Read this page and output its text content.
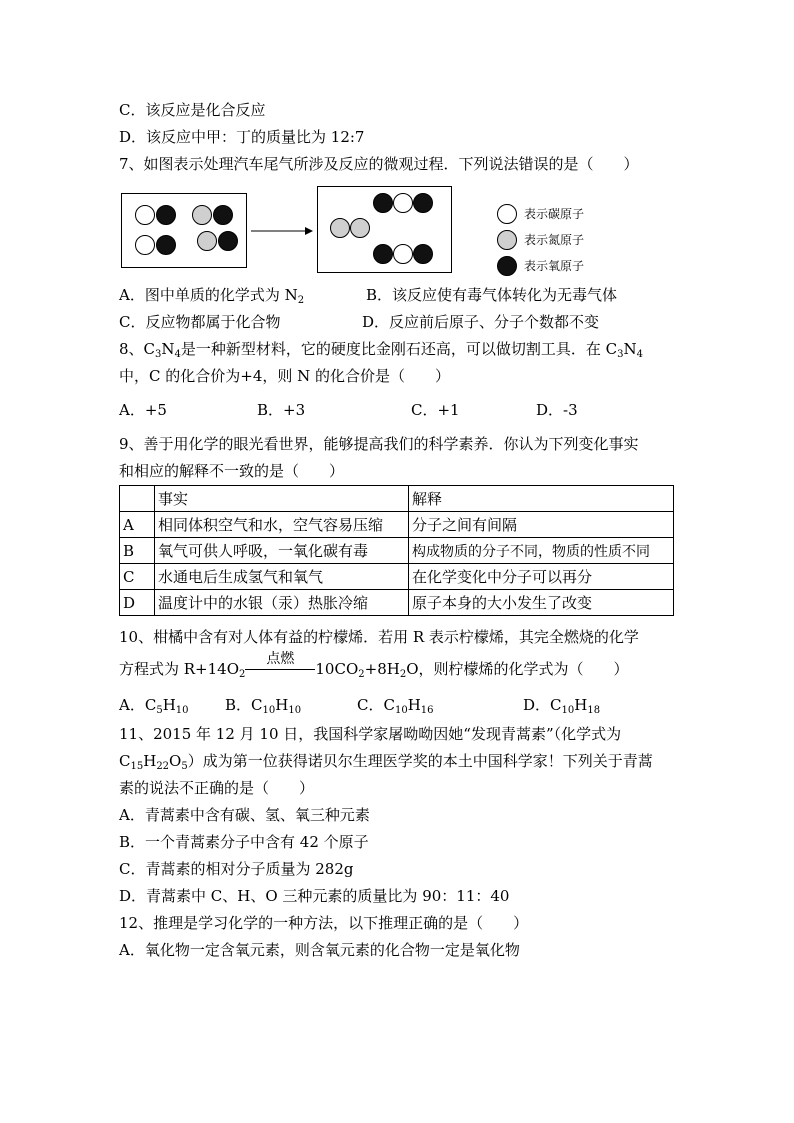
C．该反应是化合反应
D．该反应中甲：丁的质量比为 12:7
7、如图表示处理汽车尾气所涉及反应的微观过程．下列说法错误的是（　　）
表示碳原子
表示氮原子
表示氧原子
A．图中单质的化学式为 $N_2$	B．该反应使有毒气体转化为无毒气体
C．反应物都属于化合物	D．反应前后原子、分子个数都不变
8、$C_3N_4$是一种新型材料，它的硬度比金刚石还高，可以做切割工具．在 $C_3N_4$
中，C 的化合价为+4，则 N 的化合价是（　　）
A．+5	B．+3	C．+1	D．-3
9、善于用化学的眼光看世界，能够提高我们的科学素养．你认为下列变化事实
和相应的解释不一致的是（　　）
	事实	解释
A	相同体积空气和水，空气容易压缩	分子之间有间隔
B	氧气可供人呼吸，一氧化碳有毒	构成物质的分子不同，物质的性质不同
C	水通电后生成氢气和氧气	在化学变化中分子可以再分
D	温度计中的水银（汞）热胀冷缩	原子本身的大小发生了改变
10、柑橘中含有对人体有益的柠檬烯．若用 R 表示柠檬烯，其完全燃烧的化学
方程式为 $R+14O_2$
点燃
$10CO_2+8H_2O$，则柠檬烯的化学式为（　　）
A．$C_5H_{10}$ B．$C_{10}H_{10}$	C．$C_{10}H_{16}$	D．$C_{10}H_{18}$
11、2015 年 12 月 10 日，我国科学家屠呦呦因她“发现青蒿素”（化学式为
$C_{15}H_{22}O_5$）成为第一位获得诺贝尔生理医学奖的本土中国科学家！下列关于青蒿
素的说法不正确的是（　　）
A．青蒿素中含有碳、氢、氧三种元素
B．一个青蒿素分子中含有 42 个原子
C．青蒿素的相对分子质量为 282g
D．青蒿素中 C、H、O 三种元素的质量比为 90：11：40
12、推理是学习化学的一种方法，以下推理正确的是（　　）
A．氧化物一定含氧元素，则含氧元素的化合物一定是氧化物
